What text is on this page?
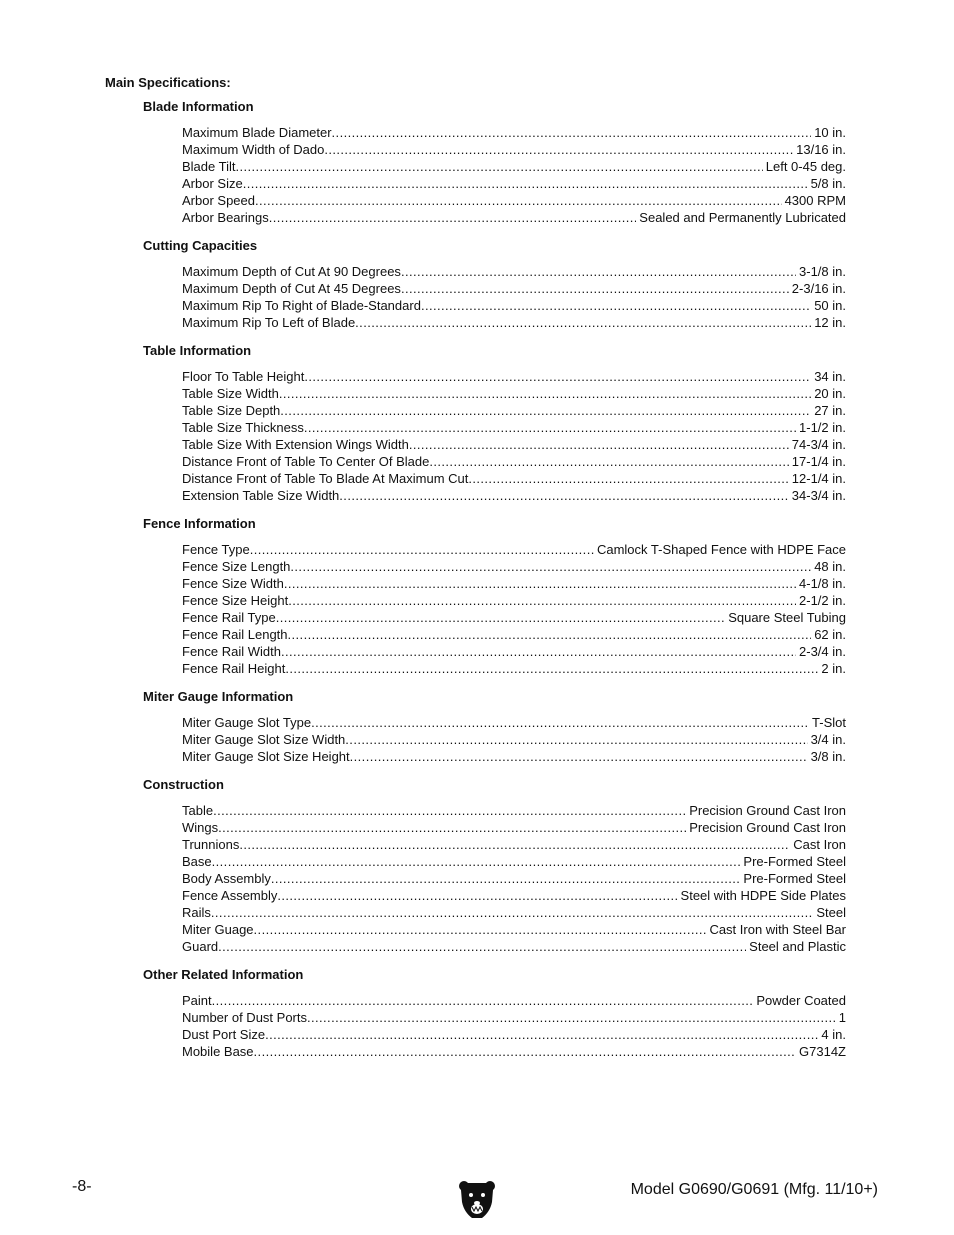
Main Specifications:
Blade Information
Maximum Blade Diameter .....	10 in.
Maximum Width of Dado .....	13/16 in.
Blade Tilt .....	Left 0-45 deg.
Arbor Size .....	5/8 in.
Arbor Speed .....	4300 RPM
Arbor Bearings .....	Sealed and Permanently Lubricated
Cutting Capacities
Maximum Depth of Cut At 90 Degrees .....	3-1/8 in.
Maximum Depth of Cut At 45 Degrees .....	2-3/16 in.
Maximum Rip To Right of Blade-Standard .....	50 in.
Maximum Rip To Left of Blade .....	12 in.
Table Information
Floor To Table Height .....	34 in.
Table Size Width .....	20 in.
Table Size Depth .....	27 in.
Table Size Thickness .....	1-1/2 in.
Table Size With Extension Wings Width .....	74-3/4 in.
Distance Front of Table To Center Of Blade .....	17-1/4 in.
Distance Front of Table To Blade At Maximum Cut .....	12-1/4 in.
Extension Table Size Width .....	34-3/4 in.
Fence Information
Fence Type .....	Camlock T-Shaped Fence with HDPE Face
Fence Size Length .....	48 in.
Fence Size Width .....	4-1/8 in.
Fence Size Height .....	2-1/2 in.
Fence Rail Type .....	Square Steel Tubing
Fence Rail Length .....	62 in.
Fence Rail Width .....	2-3/4 in.
Fence Rail Height .....	2 in.
Miter Gauge Information
Miter Gauge Slot Type .....	T-Slot
Miter Gauge Slot Size Width .....	3/4 in.
Miter Gauge Slot Size Height .....	3/8 in.
Construction
Table .....	Precision Ground Cast Iron
Wings .....	Precision Ground Cast Iron
Trunnions .....	Cast Iron
Base .....	Pre-Formed Steel
Body Assembly .....	Pre-Formed Steel
Fence Assembly .....	Steel with HDPE Side Plates
Rails .....	Steel
Miter Guage .....	Cast Iron with Steel Bar
Guard .....	Steel and Plastic
Other Related Information
Paint .....	Powder Coated
Number of Dust Ports .....	1
Dust Port Size .....	4 in.
Mobile Base .....	G7314Z
-8-	Model G0690/G0691 (Mfg. 11/10+)
